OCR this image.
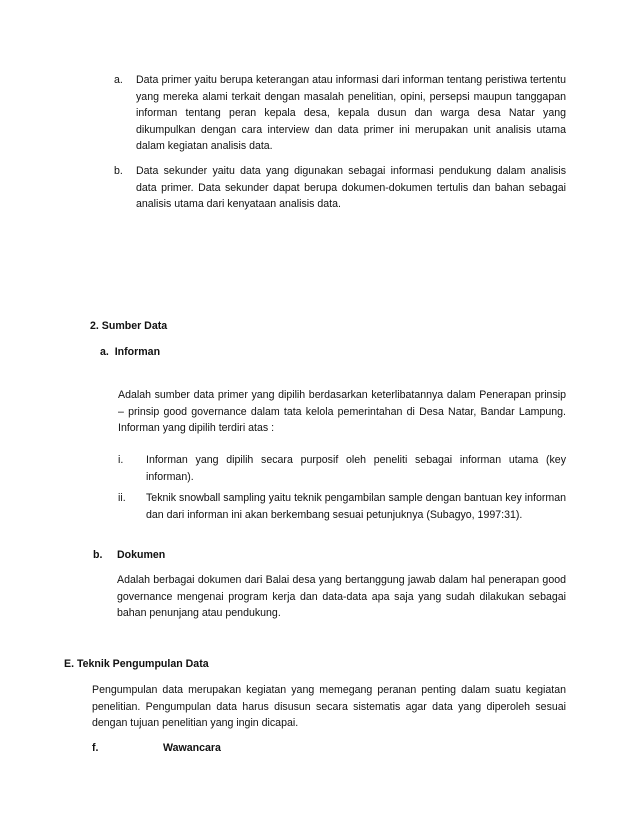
a. Data primer yaitu berupa keterangan atau informasi dari informan tentang peristiwa tertentu yang mereka alami terkait dengan masalah penelitian, opini, persepsi maupun tanggapan informan tentang peran kepala desa, kepala dusun dan warga desa Natar yang dikumpulkan dengan cara interview dan data primer ini merupakan unit analisis utama dalam kegiatan analisis data.
b. Data sekunder yaitu data yang digunakan sebagai informasi pendukung dalam analisis data primer. Data sekunder dapat berupa dokumen-dokumen tertulis dan bahan sebagai analisis utama dari kenyataan analisis data.
2. Sumber Data
a.  Informan
Adalah sumber data primer yang dipilih berdasarkan keterlibatannya dalam Penerapan prinsip – prinsip good governance dalam tata kelola pemerintahan di Desa Natar, Bandar Lampung. Informan yang dipilih terdiri atas :
i. Informan yang dipilih secara purposif oleh peneliti sebagai informan utama (key informan).
ii. Teknik snowball sampling yaitu teknik pengambilan sample dengan bantuan key informan dan dari informan ini akan berkembang sesuai petunjuknya (Subagyo, 1997:31).
b. Dokumen
Adalah berbagai dokumen dari Balai desa yang bertanggung jawab dalam hal penerapan good governance mengenai program kerja dan data-data apa saja yang sudah dilakukan sebagai bahan penunjang atau pendukung.
E. Teknik Pengumpulan Data
Pengumpulan data merupakan kegiatan yang memegang peranan penting dalam suatu kegiatan penelitian. Pengumpulan data harus disusun secara sistematis agar data yang diperoleh sesuai dengan tujuan penelitian yang ingin dicapai.
f.	Wawancara
